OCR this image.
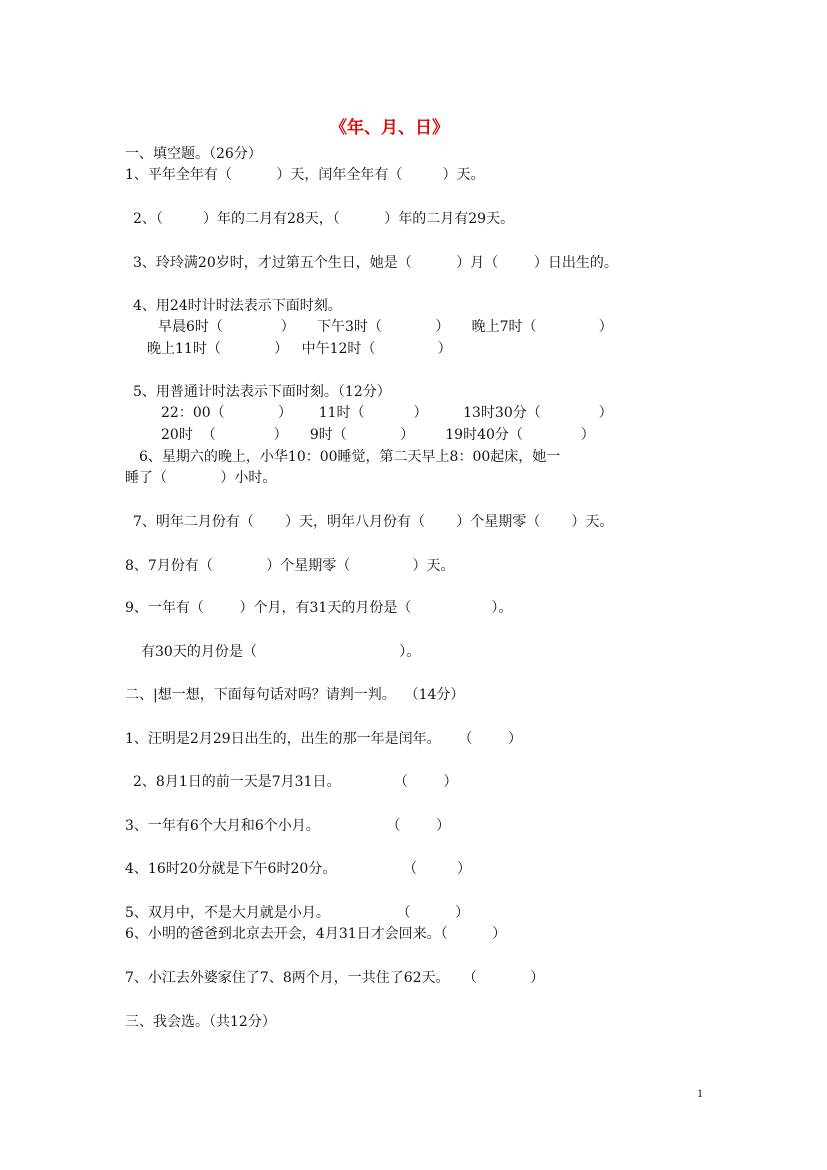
《年、月、日》
一、填空题。（26分）
1、平年全年有（          ）天，闰年全年有（         ）天。
2、（         ）年的二月有28天，（          ）年的二月有29天。
3、玲玲满20岁时，才过第五个生日，她是（          ）月（        ）日出生的。
4、用24时计时法表示下面时刻。
早晨6时（             ）     下午3时（            ）     晚上7时（              ）
晚上11时（            ）   中午12时（              ）
5、用普通计时法表示下面时刻。（12分）
22：00（            ）      11时（           ）        13时30分（             ）
20时  （             ）     9时（            ）       19时40分（             ）
6、星期六的晚上，小华10：00睡觉，第二天早上8：00起床，她一
睡了（            ）小时。
7、明年二月份有（       ）天，明年八月份有（       ）个星期零（       ）天。
8、7月份有（            ）个星期零（              ）天。
9、一年有（        ）个月，有31天的月份是（                  ）。
有30天的月份是（                                ）。
二、|想一想，下面每句话对吗？请判一判。  （14分）
1、汪明是2月29日出生的，出生的那一年是闰年。    （        ）
2、8月1日的前一天是7月31日。            （        ）
3、一年有6个大月和6个小月。               （        ）
4、16时20分就是下午6时20分。               （         ）
5、双月中，不是大月就是小月。               （          ）
6、小明的爸爸到北京去开会，4月31日才会回来。（          ）
7、小江去外婆家住了7、8两个月，一共住了62天。   （            ）
三、我会选。（共12分）
1
